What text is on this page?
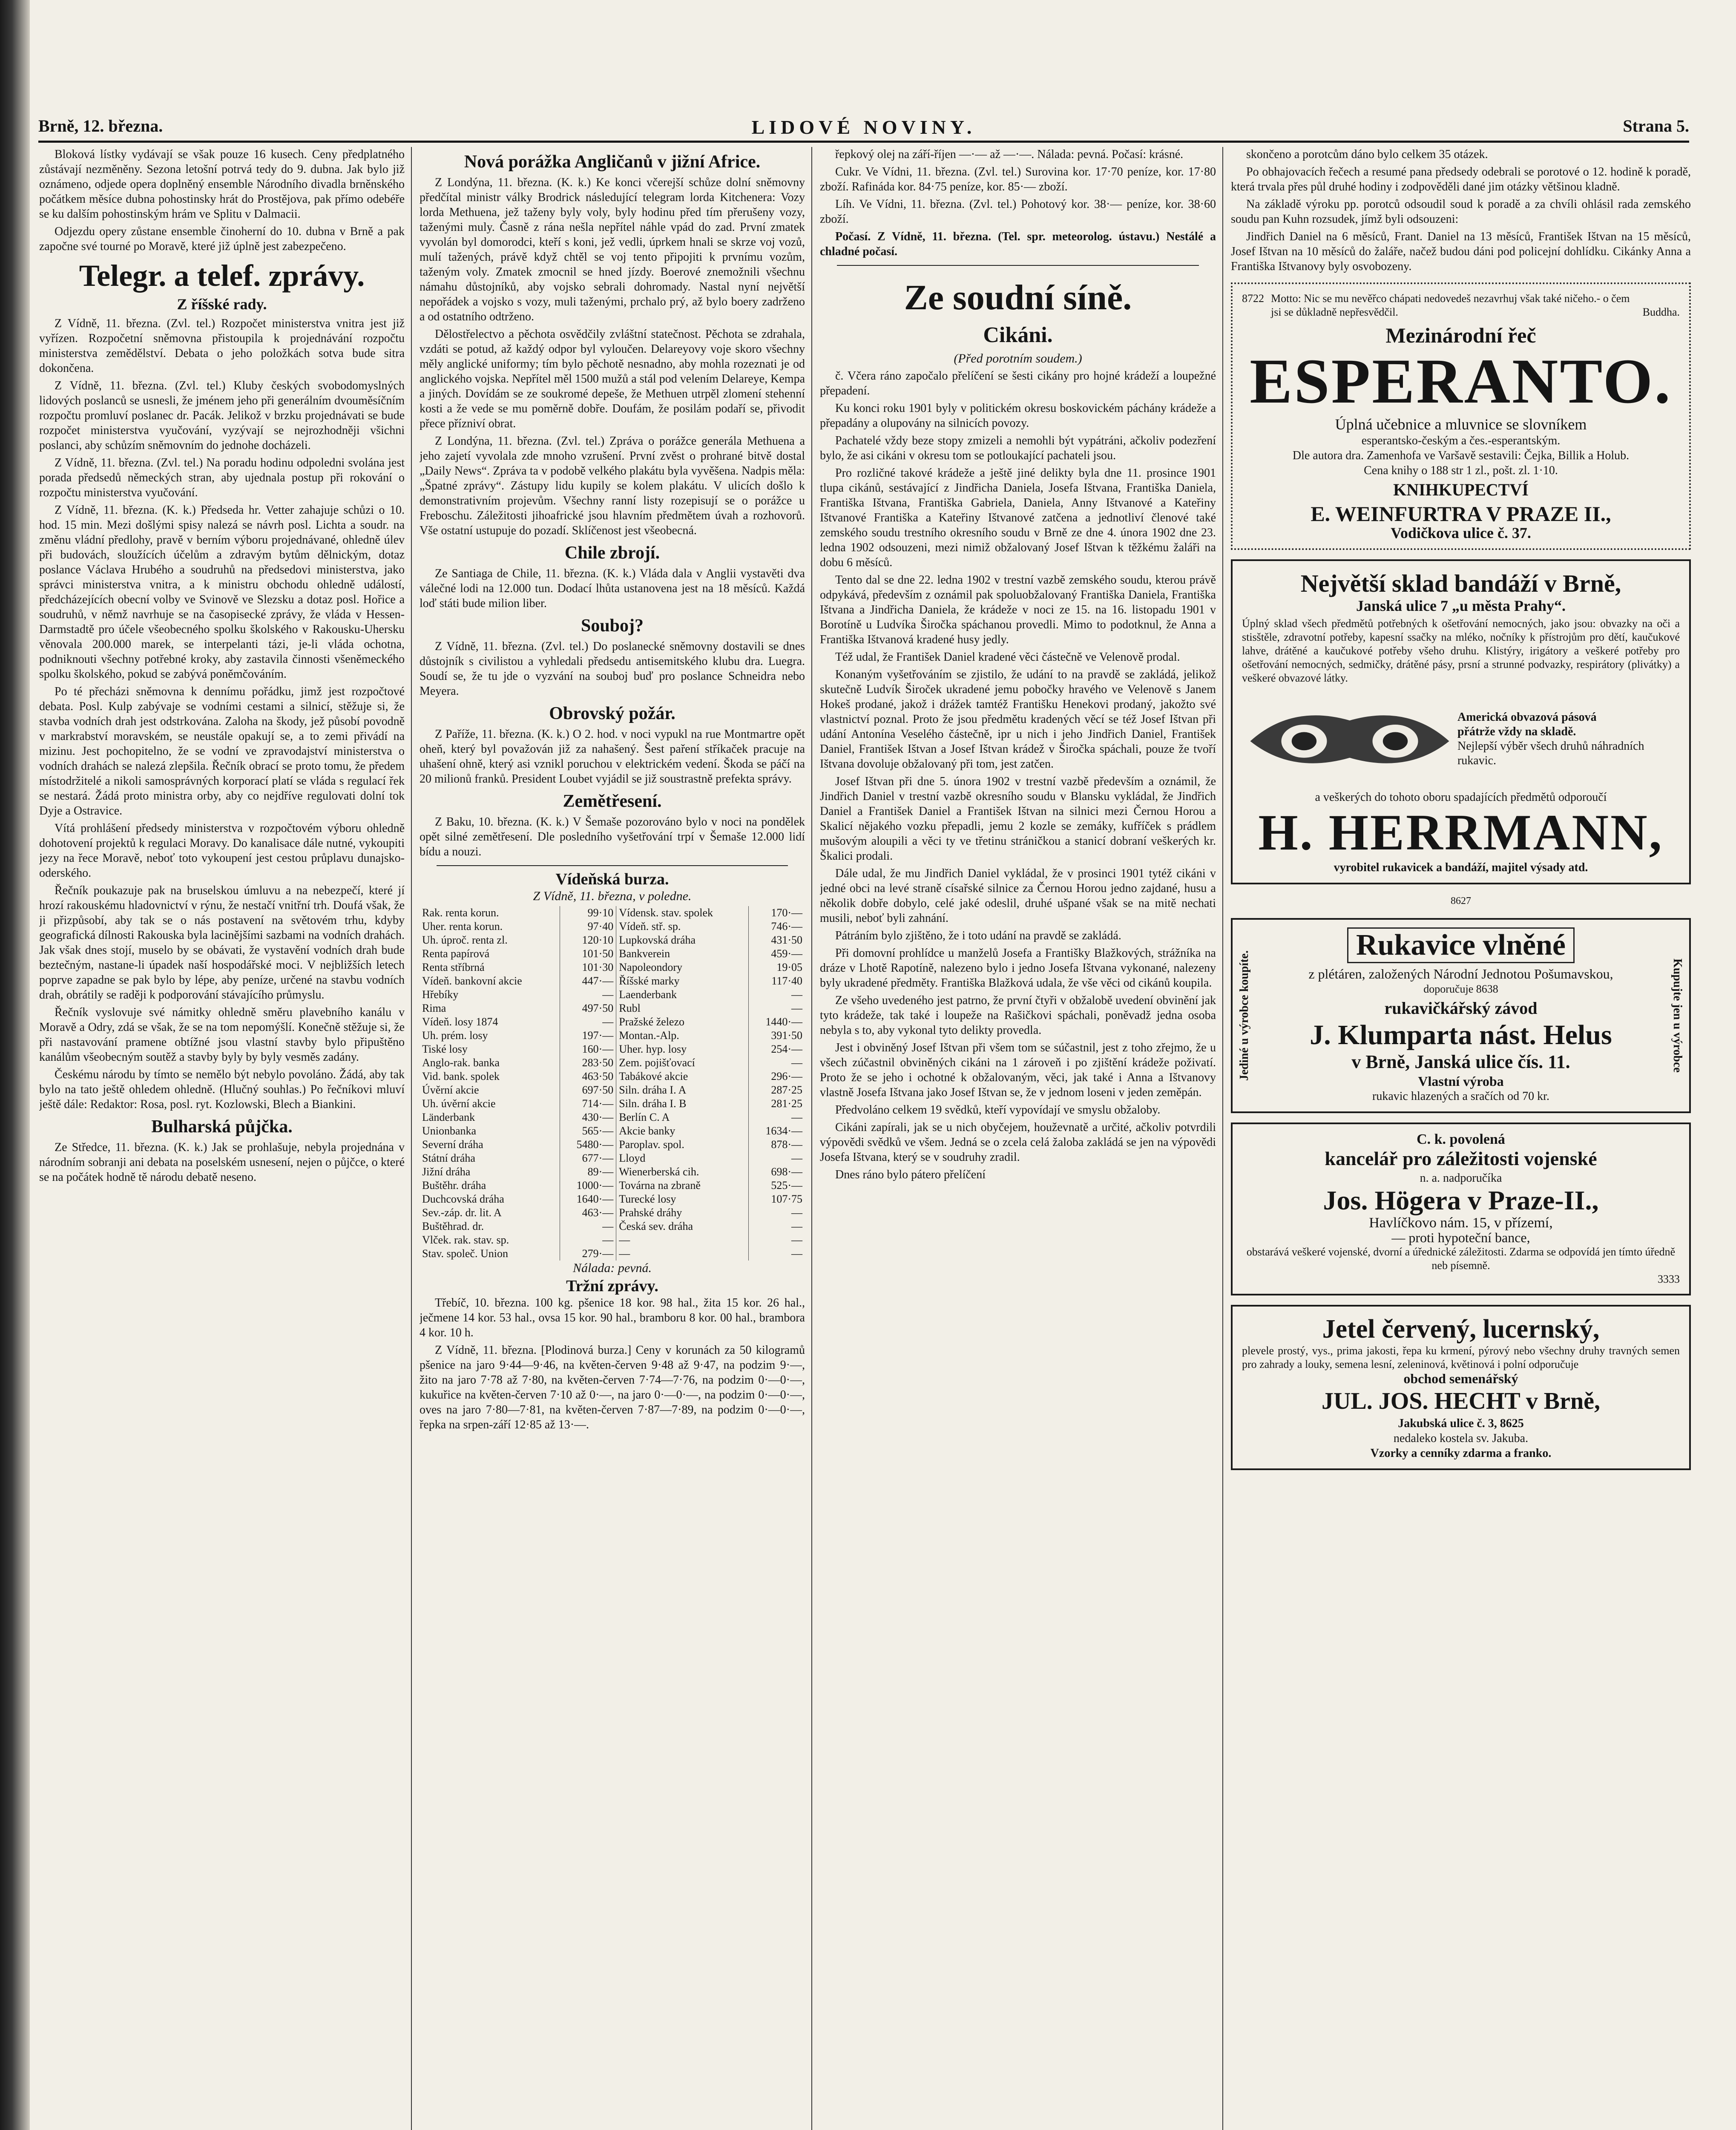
Brně, 12. března.	LIDOVÉ NOVINY.	Strana 5.

Bloková lístky vydávají se však pouze 16 kusech. Ceny předplatného zůstávají nezměněny. Sezona letošní potrvá tedy do 9. dubna. Jak bylo již oznámeno, odjede opera doplněný ensemble Národního divadla brněnského počátkem měsíce dubna pohostinsky hrát do Prostějova, pak přímo odebéře se ku dalším pohostinským hrám ve Splitu v Dalmacii.

Odjezdu opery zůstane ensemble činoherní do 10. dubna v Brně a pak započne své tourné po Moravě, které již úplně jest zabezpečeno.

Telegr. a telef. zprávy.
Z říšské rady.

Z Vídně, 11. března. (Zvl. tel.) Rozpočet ministerstva vnitra jest již vyřízen. Rozpočetní sněmovna přistoupila k projednávání rozpočtu ministerstva zemědělství. Debata o jeho položkách sotva bude sitra dokončena.

Z Vídně, 11. března. (Zvl. tel.) Kluby českých svobodomyslných lidových poslanců se usnesli, že jménem jeho při generálním dvouměsíčním rozpočtu promluví poslanec dr. Pacák. Jelikož v brzku projednávati se bude rozpočet ministerstva vyučování, vyzývají se nejrozhodněji všichni poslanci, aby schůzím sněmovním do jednohe docházeli.

Z Vídně, 11. března. (Zvl. tel.) Na poradu hodinu odpoledni svolána jest porada předsedů německých stran, aby ujednala postup při rokování o rozpočtu ministerstva vyučování.

Z Vídně, 11. března. (K. k.) Předseda hr. Vetter zahajuje schůzi o 10. hod. 15 min. Mezi došlými spisy nalezá se návrh posl. Lichta a soudr. na změnu vládní předlohy, pravě v berním výboru projednávané, ohledně úlev při budovách, sloužících účelům a zdravým bytům dělnickým, dotaz poslance Václava Hrubého a soudruhů na předsedovi ministerstva, jako správci ministerstva vnitra, a k ministru obchodu ohledně událostí, předcházejících obecní volby ve Svinově ve Slezsku a dotaz posl. Hořice a soudruhů, v němž navrhuje se na časopisecké zprávy, že vláda v Hessen-Darmstadtě pro účele všeobecného spolku školského v Rakousku-Uhersku věnovala 200.000 marek, se interpelanti tázi, je-li vláda ochotna, podniknouti všechny potřebné kroky, aby zastavila činnosti všeněmeckého spolku školského, pokud se zabývá poněmčováním.

Po té přecházi sněmovna k dennímu pořádku, jimž jest rozpočtové debata. Posl. Kulp zabývaje se vodními cestami a silnicí, stěžuje si, že stavba vodních drah jest odstrkována. Zaloha na škody, jež působí povodně v markrabství moravském, se neustále opakují se, a to zemi přivádí na mizinu. Jest pochopitelno, že se vodní ve zpravodajství ministerstva o vodních drahách se nalezá zlepšila. Řečník obrací se proto tomu, že předem místodržitelé a nikoli samosprávných korporací platí se vláda s regulací řek se nestará. Žádá proto ministra orby, aby co nejdříve regulovati dolní tok Dyje a Ostravice.

Vítá prohlášení předsedy ministerstva v rozpočtovém výboru ohledně dohotovení projektů k regulaci Moravy. Do kanalisace dále nutné, vykoupiti jezy na řece Moravě, neboť toto vykoupení jest cestou průplavu dunajsko-oderského.

Řečník poukazuje pak na bruselskou úmluvu a na nebezpečí, které jí hrozí rakouskému hladovnictví v rýnu, že nestačí vnitřní trh. Doufá však, že ji přizpůsobí, aby tak se o nás postavení na světovém trhu, kdyby geografická dílnosti Rakouska byla lacinějšími sazbami na vodních drahách. Jak však dnes stojí, muselo by se obávati, že vystavění vodních drah bude beztečným, nastane-li úpadek naší hospodářské moci. V nejbližších letech poprve zapadne se pak bylo by lépe, aby peníze, určené na stavbu vodních drah, obrátily se raději k podporování stávajícího průmyslu.

Řečník vyslovuje své námitky ohledně směru plavebního kanálu v Moravě a Odry, zdá se však, že se na tom nepomýšlí. Konečně stěžuje si, že při nastavování pramene obtížné jsou vlastní stavby bylo připuštěno kanálům všeobecným soutěž a stavby byly by byly vesměs zadány.

Českému národu by tímto se nemělo být nebylo povoláno. Žádá, aby tak bylo na tato ještě ohledem ohledně. (Hlučný souhlas.) Po řečníkovi mluví ještě dále: Redaktor: Rosa, posl. ryt. Kozlowski, Blech a Biankini.

Bulharská půjčka.

Ze Středce, 11. března. (K. k.) Jak se prohlašuje, nebyla projednána v národním sobranji ani debata na poselském usnesení, nejen o půjčce, o které se na počátek hodně tě národu debatě neseno.

Nová porážka Angličanů v jižní Africe.

Z Londýna, 11. března. (K. k.) Ke konci včerejší schůze dolní sněmovny předčítal ministr války Brodrick následující telegram lorda Kitchenera: Vozy lorda Methuena, jež taženy byly voly, byly hodinu před tím přerušeny vozy, taženými muly. Časně z rána nešla nepřítel náhle vpád do zad. První zmatek vyvolán byl domorodci, kteří s koni, jež vedli, úprkem hnali se skrze voj vozů, mulí tažených, právě když chtěl se voj tento připojiti k prvnímu vozům, taženým voly. Zmatek zmocnil se hned jízdy. Boerové znemožnili všechnu námahu důstojníků, aby vojsko sebrali dohromady. Nastal nyní největší nepořádek a vojsko s vozy, muli taženými, prchalo prý, až bylo boery zadrženo a od ostatního odtrženo.

Dělostřelectvo a pěchota osvědčily zvláštní statečnost. Pěchota se zdrahala, vzdáti se potud, až každý odpor byl vyloučen. Delareyovy voje skoro všechny měly anglické uniformy; tím bylo pěchotě nesnadno, aby mohla rozeznati je od anglického vojska. Nepřítel měl 1500 mužů a stál pod velením Delareye, Kempa a jiných. Dovídám se ze soukromé depeše, že Methuen utrpěl zlomení stehenní kosti a že vede se mu poměrně dobře. Doufám, že posilám podaří se, přivodit přece přízniví obrat.

Z Londýna, 11. března. (Zvl. tel.) Zpráva o porážce generála Methuena a jeho zajetí vyvolala zde mnoho vzrušení. První zvěst o prohrané bitvě dostal „Daily News“. Zpráva ta v podobě velkého plakátu byla vyvěšena. Nadpis měla: „Špatné zprávy“. Zástupy lidu kupily se kolem plakátu. V ulicích došlo k demonstrativním projevům. Všechny ranní listy rozepisují se o porážce u Freboschu. Záležitosti jihoafrické jsou hlavním předmětem úvah a rozhovorů. Vše ostatní ustupuje do pozadí. Sklíčenost jest všeobecná.

Chile zbrojí.

Ze Santiaga de Chile, 11. března. (K. k.) Vláda dala v Anglii vystavěti dva válečné lodi na 12.000 tun. Dodací lhůta ustanovena jest na 18 měsíců. Každá loď státi bude milion liber.

Souboj?

Z Vídně, 11. března. (Zvl. tel.) Do poslanecké sněmovny dostavili se dnes důstojník s civilistou a vyhledali předsedu antisemitského klubu dra. Luegra. Soudí se, že tu jde o vyzvání na souboj buď pro poslance Schneidra nebo Meyera.

Obrovský požár.

Z Paříže, 11. března. (K. k.) O 2. hod. v noci vypukl na rue Montmartre opět oheň, který byl považován již za nahašený. Šest paření stříkaček pracuje na uhašení ohně, který asi vznikl poruchou v elektrickém vedení. Škoda se páčí na 20 milionů franků. President Loubet vyjádil se již soustrastně prefekta správy.

Zemětřesení.

Z Baku, 10. března. (K. k.) V Šemaše pozorováno bylo v noci na pondělek opět silné zemětřesení. Dle posledního vyšetřování trpí v Šemaše 12.000 lidí bídu a nouzi.

Vídeňská burza.
Z Vídně, 11. března, v poledne.
Rak. renta korun.	99·10	Vídensk. stav. spolek	170·—
Uher. renta korun.	97·40	Vídeň. stř. sp.	746·—
Uh. úproč. renta zl.	120·10	Lupkovská dráha	431·50
Renta papírová	101·50	Bankverein	459·—
Renta stříbrná	101·30	Napoleondory	19·05
Vídeň. bankovní akcie	447·—	Říšské marky	117·40
Hřebíky	—	Laenderbank	—
Rima	497·50	Rubl	—
Vídeň. losy 1874	—	Pražské železo	1440·—
Uh. prém. losy	197·—	Montan.-Alp.	391·50
Tiské losy	160·—	Uher. hyp. losy	254·—
Anglo-rak. banka	283·50	Zem. pojišťovací	—
Vid. bank. spolek	463·50	Tabákové akcie	296·—
Úvěrní akcie	697·50	Siln. dráha I. A	287·25
Uh. úvěrní akcie	714·—	Siln. dráha I. B	281·25
Länderbank	430·—	Berlín C. A	—
Unionbanka	565·—	Akcie banky	1634·—
Severní dráha	5480·—	Paroplav. spol.	878·—
Státní dráha	677·—	Lloyd	—
Jižní dráha	89·—	Wienerberská cih.	698·—
Buštěhr. dráha	1000·—	Továrna na zbraně	525·—
Duchcovská dráha	1640·—	Turecké losy	107·75
Sev.-záp. dr. lit. A	463·—	Prahské dráhy	—
Buštěhrad. dr.	—	Česká sev. dráha	—
Vlček. rak. stav. sp.	—	—	—
Stav. společ. Union	279·—	—	—
Nálada: pevná.
Tržní zprávy.

Třebíč, 10. března. 100 kg. pšenice 18 kor. 98 hal., žita 15 kor. 26 hal., ječmene 14 kor. 53 hal., ovsa 15 kor. 90 hal., bramboru 8 kor. 00 hal., brambora 4 kor. 10 h.

Z Vídně, 11. března. [Plodinová burza.] Ceny v korunách za 50 kilogramů pšenice na jaro 9·44—9·46, na květen-červen 9·48 až 9·47, na podzim 9·—, žito na jaro 7·78 až 7·80, na květen-červen 7·74—7·76, na podzim 0·—0·—, kukuřice na květen-červen 7·10 až 0·—, na jaro 0·—0·—, na podzim 0·—0·—, oves na jaro 7·80—7·81, na květen-červen 7·87—7·89, na podzim 0·—0·—, řepka na srpen-září 12·85 až 13·—.

řepkový olej na září-říjen —·— až —·—. Nálada: pevná. Počasí: krásné.

Cukr. Ve Vídni, 11. března. (Zvl. tel.) Surovina kor. 17·70 peníze, kor. 17·80 zboží. Rafináda kor. 84·75 peníze, kor. 85·— zboží.

Líh. Ve Vídni, 11. března. (Zvl. tel.) Pohotový kor. 38·— peníze, kor. 38·60 zboží.

Počasí. Z Vídně, 11. března. (Tel. spr. meteorolog. ústavu.) Nestálé a chladné počasí.

Ze soudní síně.
Cikáni.
(Před porotním soudem.)

č. Včera ráno započalo přelíčení se šesti cikány pro hojné krádeží a loupežné přepadení.

Ku konci roku 1901 byly v politickém okresu boskovickém páchány krádeže a přepadány a olupovány na silnicích povozy.

Pachatelé vždy beze stopy zmizeli a nemohli být vypátráni, ačkoliv podezření bylo, že asi cikáni v okresu tom se potloukající pachateli jsou.

Pro rozličné takové krádeže a ještě jiné delikty byla dne 11. prosince 1901 tlupa cikánů, sestávající z Jindřicha Daniela, Josefa Ištvana, Františka Daniela, Františka Ištvana, Františka Gabriela, Daniela, Anny Ištvanové a Kateřiny Ištvanové Františka a Kateřiny Ištvanové zatčena a jednotliví členové také zemského soudu trestního okresního soudu v Brně ze dne 4. února 1902 dne 23. ledna 1902 odsouzeni, mezi nimiž obžalovaný Josef Ištvan k těžkému žaláři na dobu 6 měsíců.

Tento dal se dne 22. ledna 1902 v trestní vazbě zemského soudu, kterou právě odpykává, především z oznámil pak spoluobžalovaný Františka Daniela, Františka Ištvana a Jindřicha Daniela, že krádeže v noci ze 15. na 16. listopadu 1901 v Borotíně u Ludvíka Širočka spáchanou provedli. Mimo to podotknul, že Anna a Františka Ištvanová kradené husy jedly.

Též udal, že František Daniel kradené věci částečně ve Velenově prodal.

Konaným vyšetřováním se zjistilo, že udání to na pravdě se zakládá, jelikož skutečně Ludvík Široček ukradené jemu pobočky hravého ve Velenově s Janem Hokeš prodané, jakož i drážek tamtéž Františku Henekovi prodaný, jakožto své vlastnictví poznal. Proto že jsou předmětu kradených věcí se též Josef Ištvan při udání Antonína Veselého částečně, ipr u nich i jeho Jindřich Daniel, František Daniel, František Ištvan a Josef Ištvan krádež v Širočka spáchali, pouze že tvoří Ištvana dovoluje obžalovaný při tom, jest zatčen.

Josef Ištvan při dne 5. února 1902 v trestní vazbě především a oznámil, že Jindřich Daniel v trestní vazbě okresního soudu v Blansku vykládal, že Jindřich Daniel a František Daniel a František Ištvan na silnici mezi Černou Horou a Skalicí nějakého vozku přepadli, jemu 2 kozle se zemáky, kufříček s prádlem mušovým aloupili a věci ty ve třetinu stráničkou a stanicí dobraní veškerých kr. Škalici prodali.

Dále udal, že mu Jindřich Daniel vykládal, že v prosinci 1901 tytéž cikáni v jedné obci na levé straně císařské silnice za Černou Horou jedno zajdané, husu a několik dobře dobylo, celé jaké odeslil, druhé ušpané však se na mitě nechati musili, neboť byli zahnání.

Pátráním bylo zjištěno, že i toto udání na pravdě se zakládá.

Při domovní prohlídce u manželů Josefa a Františky Blažkových, strážníka na dráze v Lhotě Rapotíně, nalezeno bylo i jedno Josefa Ištvana vykonané, nalezeny byly ukradené předměty. Františka Blažková udala, že vše věci od cikánů koupila.

Ze všeho uvedeného jest patrno, že první čtyři v obžalobě uvedení obvinění jak tyto krádeže, tak také i loupeže na Rašičkovi spáchali, poněvadž jedna osoba nebyla s to, aby vykonal tyto delikty provedla.

Jest i obviněný Josef Ištvan při všem tom se súčastnil, jest z toho zřejmo, že u všech zúčastnil obviněných cikáni na 1 zároveň i po zjištění krádeže poživatí. Proto že se jeho i ochotné k obžalovaným, věci, jak také i Anna a Ištvanovy vlastně Josefa Ištvana jako Josef Ištvan se, že v jednom loseni v jeden zeměpán.

Předvoláno celkem 19 svědků, kteří vypovídají ve smyslu obžaloby.

Cikáni zapírali, jak se u nich obyčejem, houževnatě a určité, ačkoliv potvrdili výpovědi svědků ve všem. Jedná se o zcela celá žaloba zakládá se jen na výpovědi Josefa Ištvana, který se v soudruhy zradil.

Dnes ráno bylo pátero přelíčení

skončeno a porotcům dáno bylo celkem 35 otázek.

Po obhajovacích řečech a resumé pana předsedy odebrali se porotové o 12. hodině k poradě, která trvala přes půl druhé hodiny i zodpověděli dané jim otázky většinou kladně.

Na základě výroku pp. porotců odsoudil soud k poradě a za chvíli ohlásil rada zemského soudu pan Kuhn rozsudek, jímž byli odsouzeni:

Jindřich Daniel na 6 měsíců, Frant. Daniel na 13 měsíců, František Ištvan na 15 měsíců, Josef Ištvan na 10 měsíců do žaláře, načež budou dáni pod policejní dohlídku. Cikánky Anna a Františka Ištvanovy byly osvobozeny.

8722 Motto: Nic se mu nevěřco chápati nedovedeš nezavrhuj však také ničeho.- o čem jsi se důkladně nepřesvědčil.	Buddha.
Mezinárodní řeč
ESPERANTO.
Úplná učebnice a mluvnice se slovníkem
esperantsko-českým a čes.-esperantským.
Dle autora dra. Zamenhofa ve Varšavě sestavili: Čejka, Billik a Holub.
Cena knihy o 188 str 1 zl., pošt. zl. 1·10.
KNIHKUPECTVÍ
E. WEINFURTRA V PRAZE II.,
Vodičkova ulice č. 37.
Největší sklad bandáží v Brně,
Janská ulice 7 „u města Prahy“.
Úplný sklad všech předmětů potřebných k ošetřování nemocných, jako jsou: obvazky na oči a stisštěle, zdravotní potřeby, kapesní ssačky na mléko, nočníky k přístrojům pro dětí, kaučukové lahve, drátěné a kaučukové potřeby všeho druhu. Klistýry, irigátory a veškeré potřeby pro ošetřování nemocných, sedmičky, drátěné pásy, prsní a strunné podvazky, respirátory (plivátky) a veškeré obvazové látky.
Americká obvazová pásová
přátrže vždy na skladě.
Nejlepší výběr všech druhů náhradních rukavic.
a veškerých do tohoto oboru spadajících předmětů odporoučí
H. HERRMANN,
vyrobitel rukavicek a bandáží, majitel výsady atd.
8627
Jediné u výrobce koupíte.	Kupujte jen u výrobce
Rukavice vlněné
z plétáren, založených Národní Jednotou Pošumavskou,
doporučuje 8638
rukavičkářský závod
J. Klumparta nást. Helus
v Brně, Janská ulice čís. 11.
Vlastní výroba
rukavic hlazených a sračích od 70 kr.
C. k. povolená
kancelář pro záležitosti vojenské
n. a. nadporučíka
Jos. Högera v Praze-II.,
Havlíčkovo nám. 15, v přízemí,
— proti hypoteční bance,
obstarává veškeré vojenské, dvorní a úřednické záležitosti. Zdarma se odpovídá jen tímto úředně neb písemně.
3333
Jetel červený, lucernský,
plevele prostý, vys., prima jakosti, řepa ku krmení, pýrový nebo všechny druhy travných semen pro zahrady a louky, semena lesní, zeleninová, květinová i polní odporučuje
obchod semenářský
JUL. JOS. HECHT v Brně,
Jakubská ulice č. 3, 8625
nedaleko kostela sv. Jakuba.
Vzorky a cenníky zdarma a franko.
